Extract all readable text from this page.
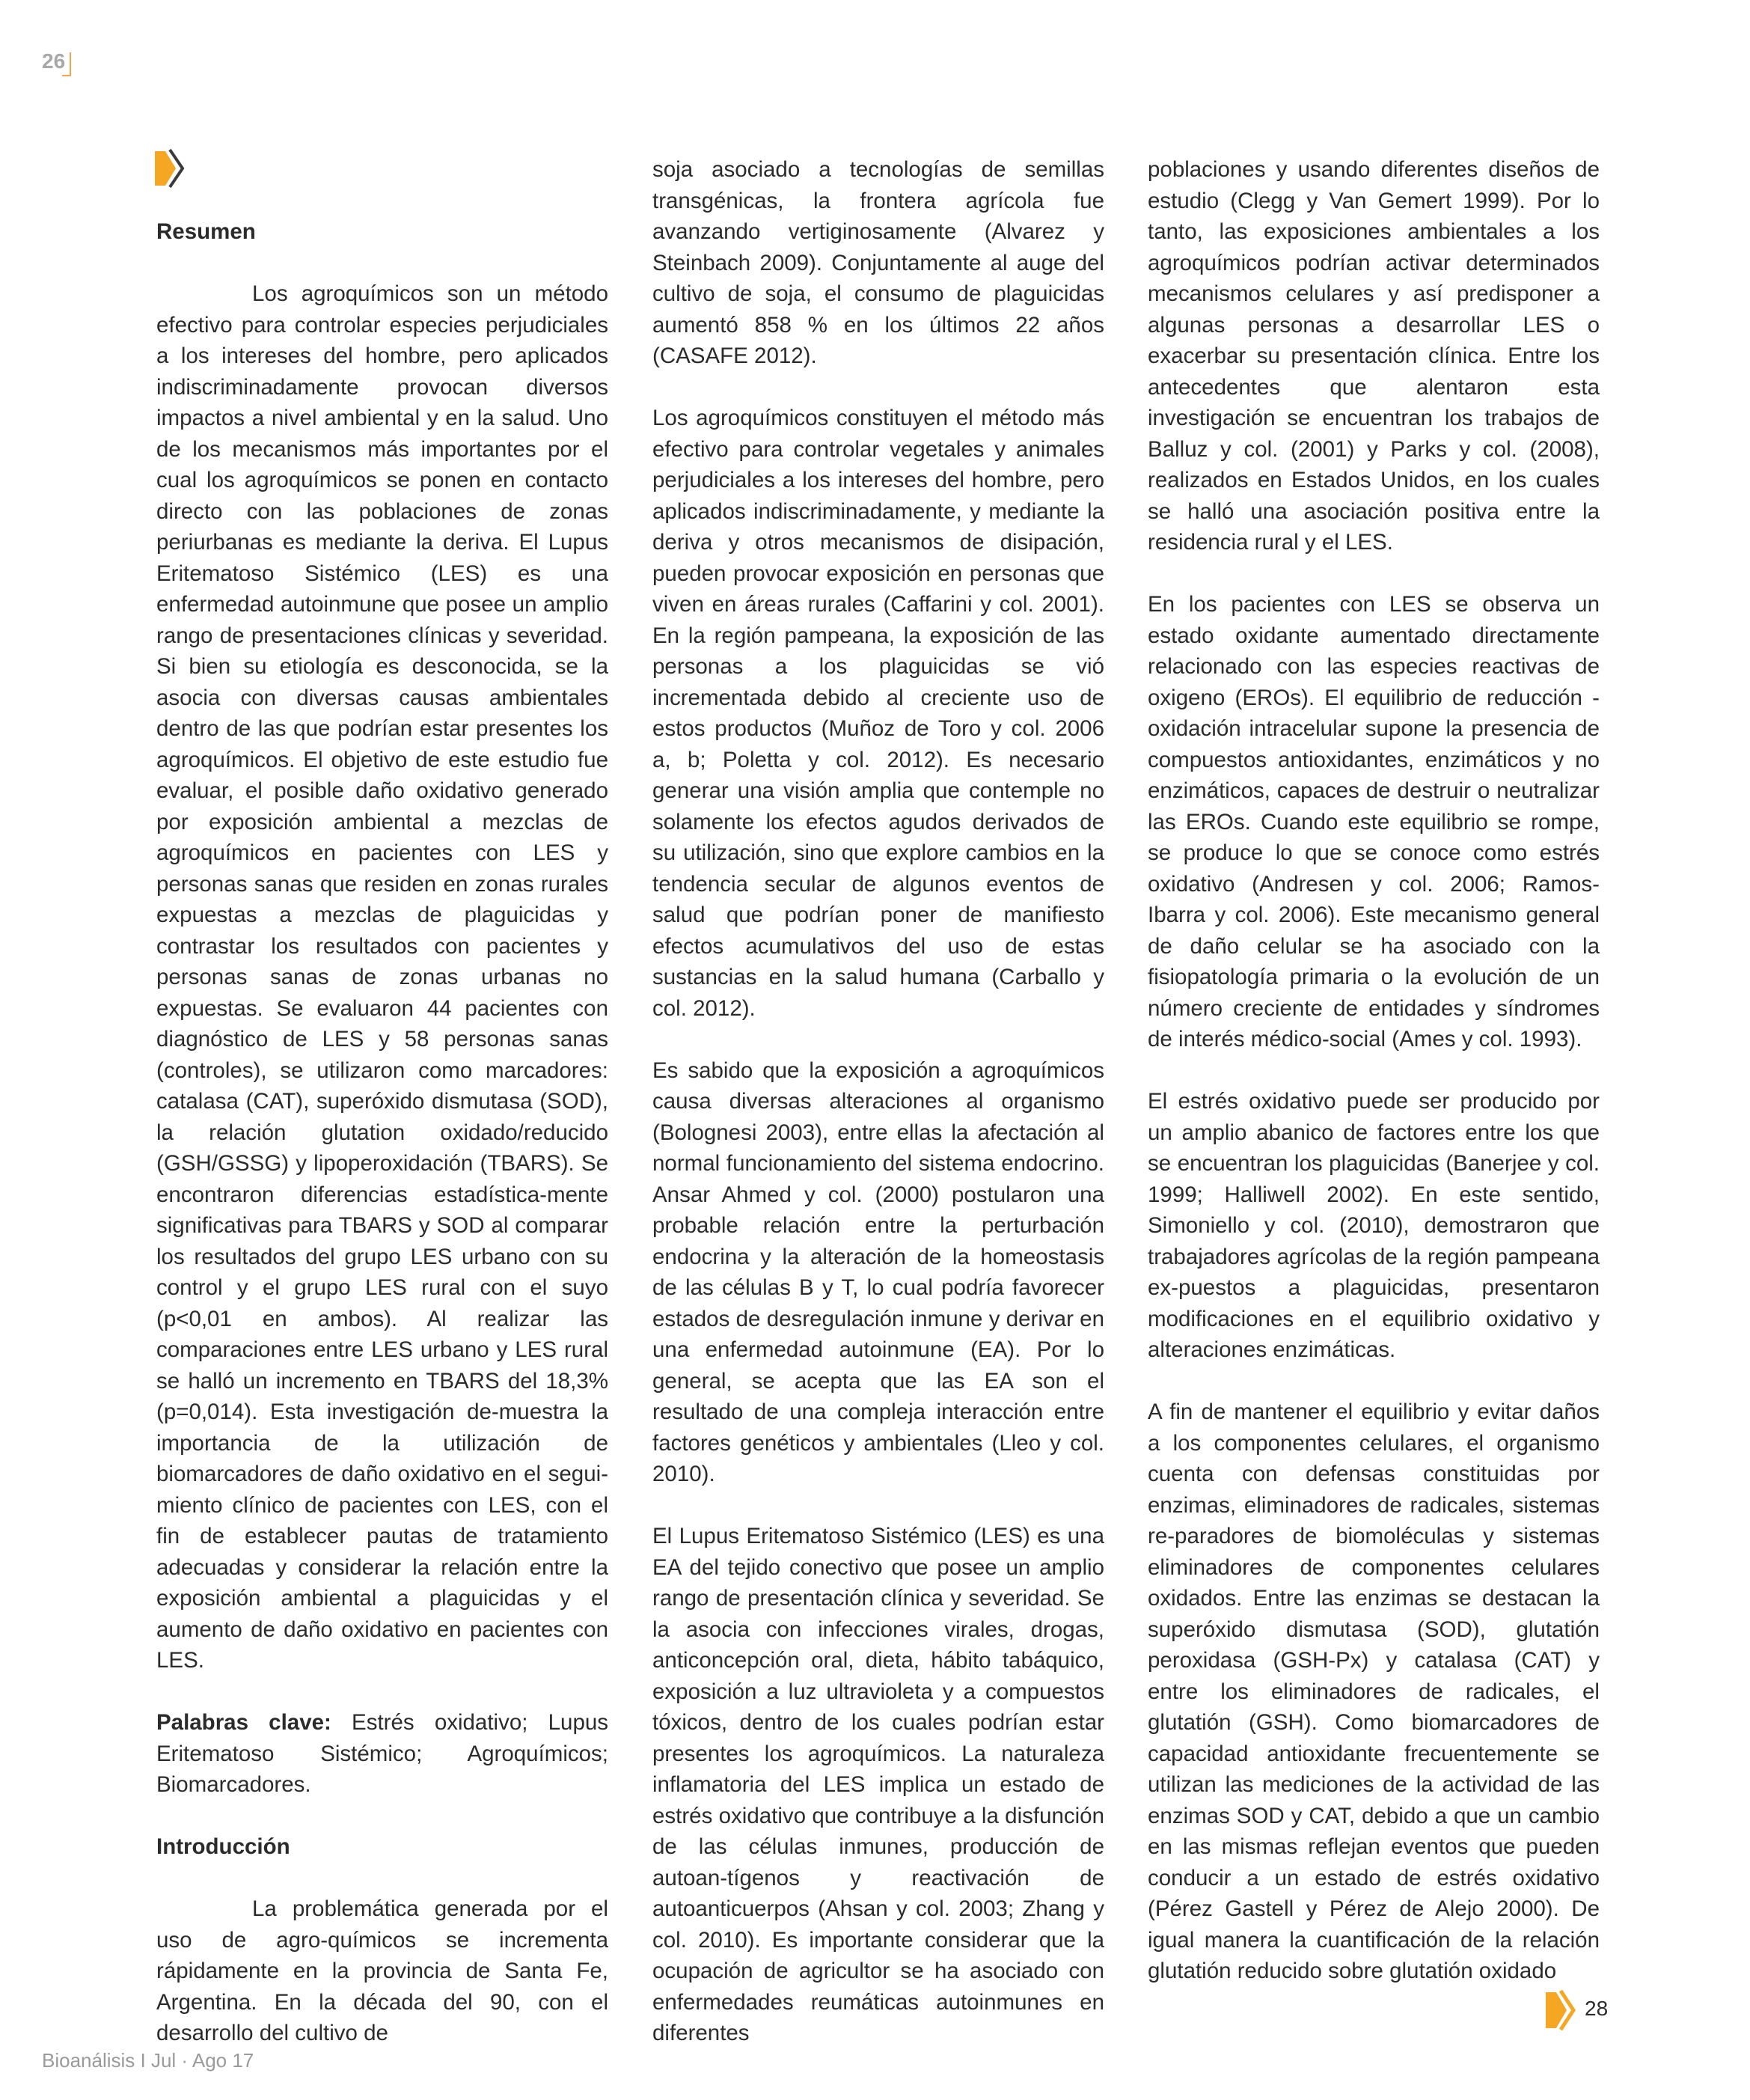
26
Resumen

Los agroquímicos son un método efectivo para controlar especies perjudiciales a los intereses del hombre, pero aplicados indiscriminadamente provocan diversos impactos a nivel ambiental y en la salud. Uno de los mecanismos más importantes por el cual los agroquímicos se ponen en contacto directo con las poblaciones de zonas periurbanas es mediante la deriva. El Lupus Eritematoso Sistémico (LES) es una enfermedad autoinmune que posee un amplio rango de presentaciones clínicas y severidad. Si bien su etiología es desconocida, se la asocia con diversas causas ambientales dentro de las que podrían estar presentes los agroquímicos. El objetivo de este estudio fue evaluar, el posible daño oxidativo generado por exposición ambiental a mezclas de agroquímicos en pacientes con LES y personas sanas que residen en zonas rurales expuestas a mezclas de plaguicidas y contrastar los resultados con pacientes y personas sanas de zonas urbanas no expuestas. Se evaluaron 44 pacientes con diagnóstico de LES y 58 personas sanas (controles), se utilizaron como marcadores: catalasa (CAT), superóxido dismutasa (SOD), la relación glutation oxidado/reducido (GSH/GSSG) y lipoperoxidación (TBARS). Se encontraron diferencias estadística-mente significativas para TBARS y SOD al comparar los resultados del grupo LES urbano con su control y el grupo LES rural con el suyo (p<0,01 en ambos). Al realizar las comparaciones entre LES urbano y LES rural se halló un incremento en TBARS del 18,3% (p=0,014). Esta investigación de-muestra la importancia de la utilización de biomarcadores de daño oxidativo en el segui-miento clínico de pacientes con LES, con el fin de establecer pautas de tratamiento adecuadas y considerar la relación entre la exposición ambiental a plaguicidas y el aumento de daño oxidativo en pacientes con LES.

Palabras clave: Estrés oxidativo; Lupus Eritematoso Sistémico; Agroquímicos; Biomarcadores.

Introducción

La problemática generada por el uso de agro-químicos se incrementa rápidamente en la provincia de Santa Fe, Argentina. En la década del 90, con el desarrollo del cultivo de

soja asociado a tecnologías de semillas transgénicas, la frontera agrícola fue avanzando vertiginosamente (Alvarez y Steinbach 2009). Conjuntamente al auge del cultivo de soja, el consumo de plaguicidas aumentó 858 % en los últimos 22 años (CASAFE 2012).

Los agroquímicos constituyen el método más efectivo para controlar vegetales y animales perjudiciales a los intereses del hombre, pero aplicados indiscriminadamente, y mediante la deriva y otros mecanismos de disipación, pueden provocar exposición en personas que viven en áreas rurales (Caffarini y col. 2001). En la región pampeana, la exposición de las personas a los plaguicidas se vió incrementada debido al creciente uso de estos productos (Muñoz de Toro y col. 2006 a, b; Poletta y col. 2012). Es necesario generar una visión amplia que contemple no solamente los efectos agudos derivados de su utilización, sino que explore cambios en la tendencia secular de algunos eventos de salud que podrían poner de manifiesto efectos acumulativos del uso de estas sustancias en la salud humana (Carballo y col. 2012).

Es sabido que la exposición a agroquímicos causa diversas alteraciones al organismo (Bolognesi 2003), entre ellas la afectación al normal funcionamiento del sistema endocrino. Ansar Ahmed y col. (2000) postularon una probable relación entre la perturbación endocrina y la alteración de la homeostasis de las células B y T, lo cual podría favorecer estados de desregulación inmune y derivar en una enfermedad autoinmune (EA). Por lo general, se acepta que las EA son el resultado de una compleja interacción entre factores genéticos y ambientales (Lleo y col. 2010).

El Lupus Eritematoso Sistémico (LES) es una EA del tejido conectivo que posee un amplio rango de presentación clínica y severidad. Se la asocia con infecciones virales, drogas, anticoncepción oral, dieta, hábito tabáquico, exposición a luz ultravioleta y a compuestos tóxicos, dentro de los cuales podrían estar presentes los agroquímicos. La naturaleza inflamatoria del LES implica un estado de estrés oxidativo que contribuye a la disfunción de las células inmunes, producción de autoan-tígenos y reactivación de autoanticuerpos (Ahsan y col. 2003; Zhang y col. 2010). Es importante considerar que la ocupación de agricultor se ha asociado con enfermedades reumáticas autoinmunes en diferentes

poblaciones y usando diferentes diseños de estudio (Clegg y Van Gemert 1999). Por lo tanto, las exposiciones ambientales a los agroquímicos podrían activar determinados mecanismos celulares y así predisponer a algunas personas a desarrollar LES o exacerbar su presentación clínica. Entre los antecedentes que alentaron esta investigación se encuentran los trabajos de Balluz y col. (2001) y Parks y col. (2008), realizados en Estados Unidos, en los cuales se halló una asociación positiva entre la residencia rural y el LES.

En los pacientes con LES se observa un estado oxidante aumentado directamente relacionado con las especies reactivas de oxigeno (EROs). El equilibrio de reducción - oxidación intracelular supone la presencia de compuestos antioxidantes, enzimáticos y no enzimáticos, capaces de destruir o neutralizar las EROs. Cuando este equilibrio se rompe, se produce lo que se conoce como estrés oxidativo (Andresen y col. 2006; Ramos-Ibarra y col. 2006). Este mecanismo general de daño celular se ha asociado con la fisiopatología primaria o la evolución de un número creciente de entidades y síndromes de interés médico-social (Ames y col. 1993).

El estrés oxidativo puede ser producido por un amplio abanico de factores entre los que se encuentran los plaguicidas (Banerjee y col. 1999; Halliwell 2002). En este sentido, Simoniello y col. (2010), demostraron que trabajadores agrícolas de la región pampeana ex-puestos a plaguicidas, presentaron modificaciones en el equilibrio oxidativo y alteraciones enzimáticas.

A fin de mantener el equilibrio y evitar daños a los componentes celulares, el organismo cuenta con defensas constituidas por enzimas, eliminadores de radicales, sistemas re-paradores de biomoléculas y sistemas eliminadores de componentes celulares oxidados. Entre las enzimas se destacan la superóxido dismutasa (SOD), glutatión peroxidasa (GSH-Px) y catalasa (CAT) y entre los eliminadores de radicales, el glutatión (GSH). Como biomarcadores de capacidad antioxidante frecuentemente se utilizan las mediciones de la actividad de las enzimas SOD y CAT, debido a que un cambio en las mismas reflejan eventos que pueden conducir a un estado de estrés oxidativo (Pérez Gastell y Pérez de Alejo 2000). De igual manera la cuantificación de la relación glutatión reducido sobre glutatión oxidado

28
Bioanálisis I Jul · Ago 17
